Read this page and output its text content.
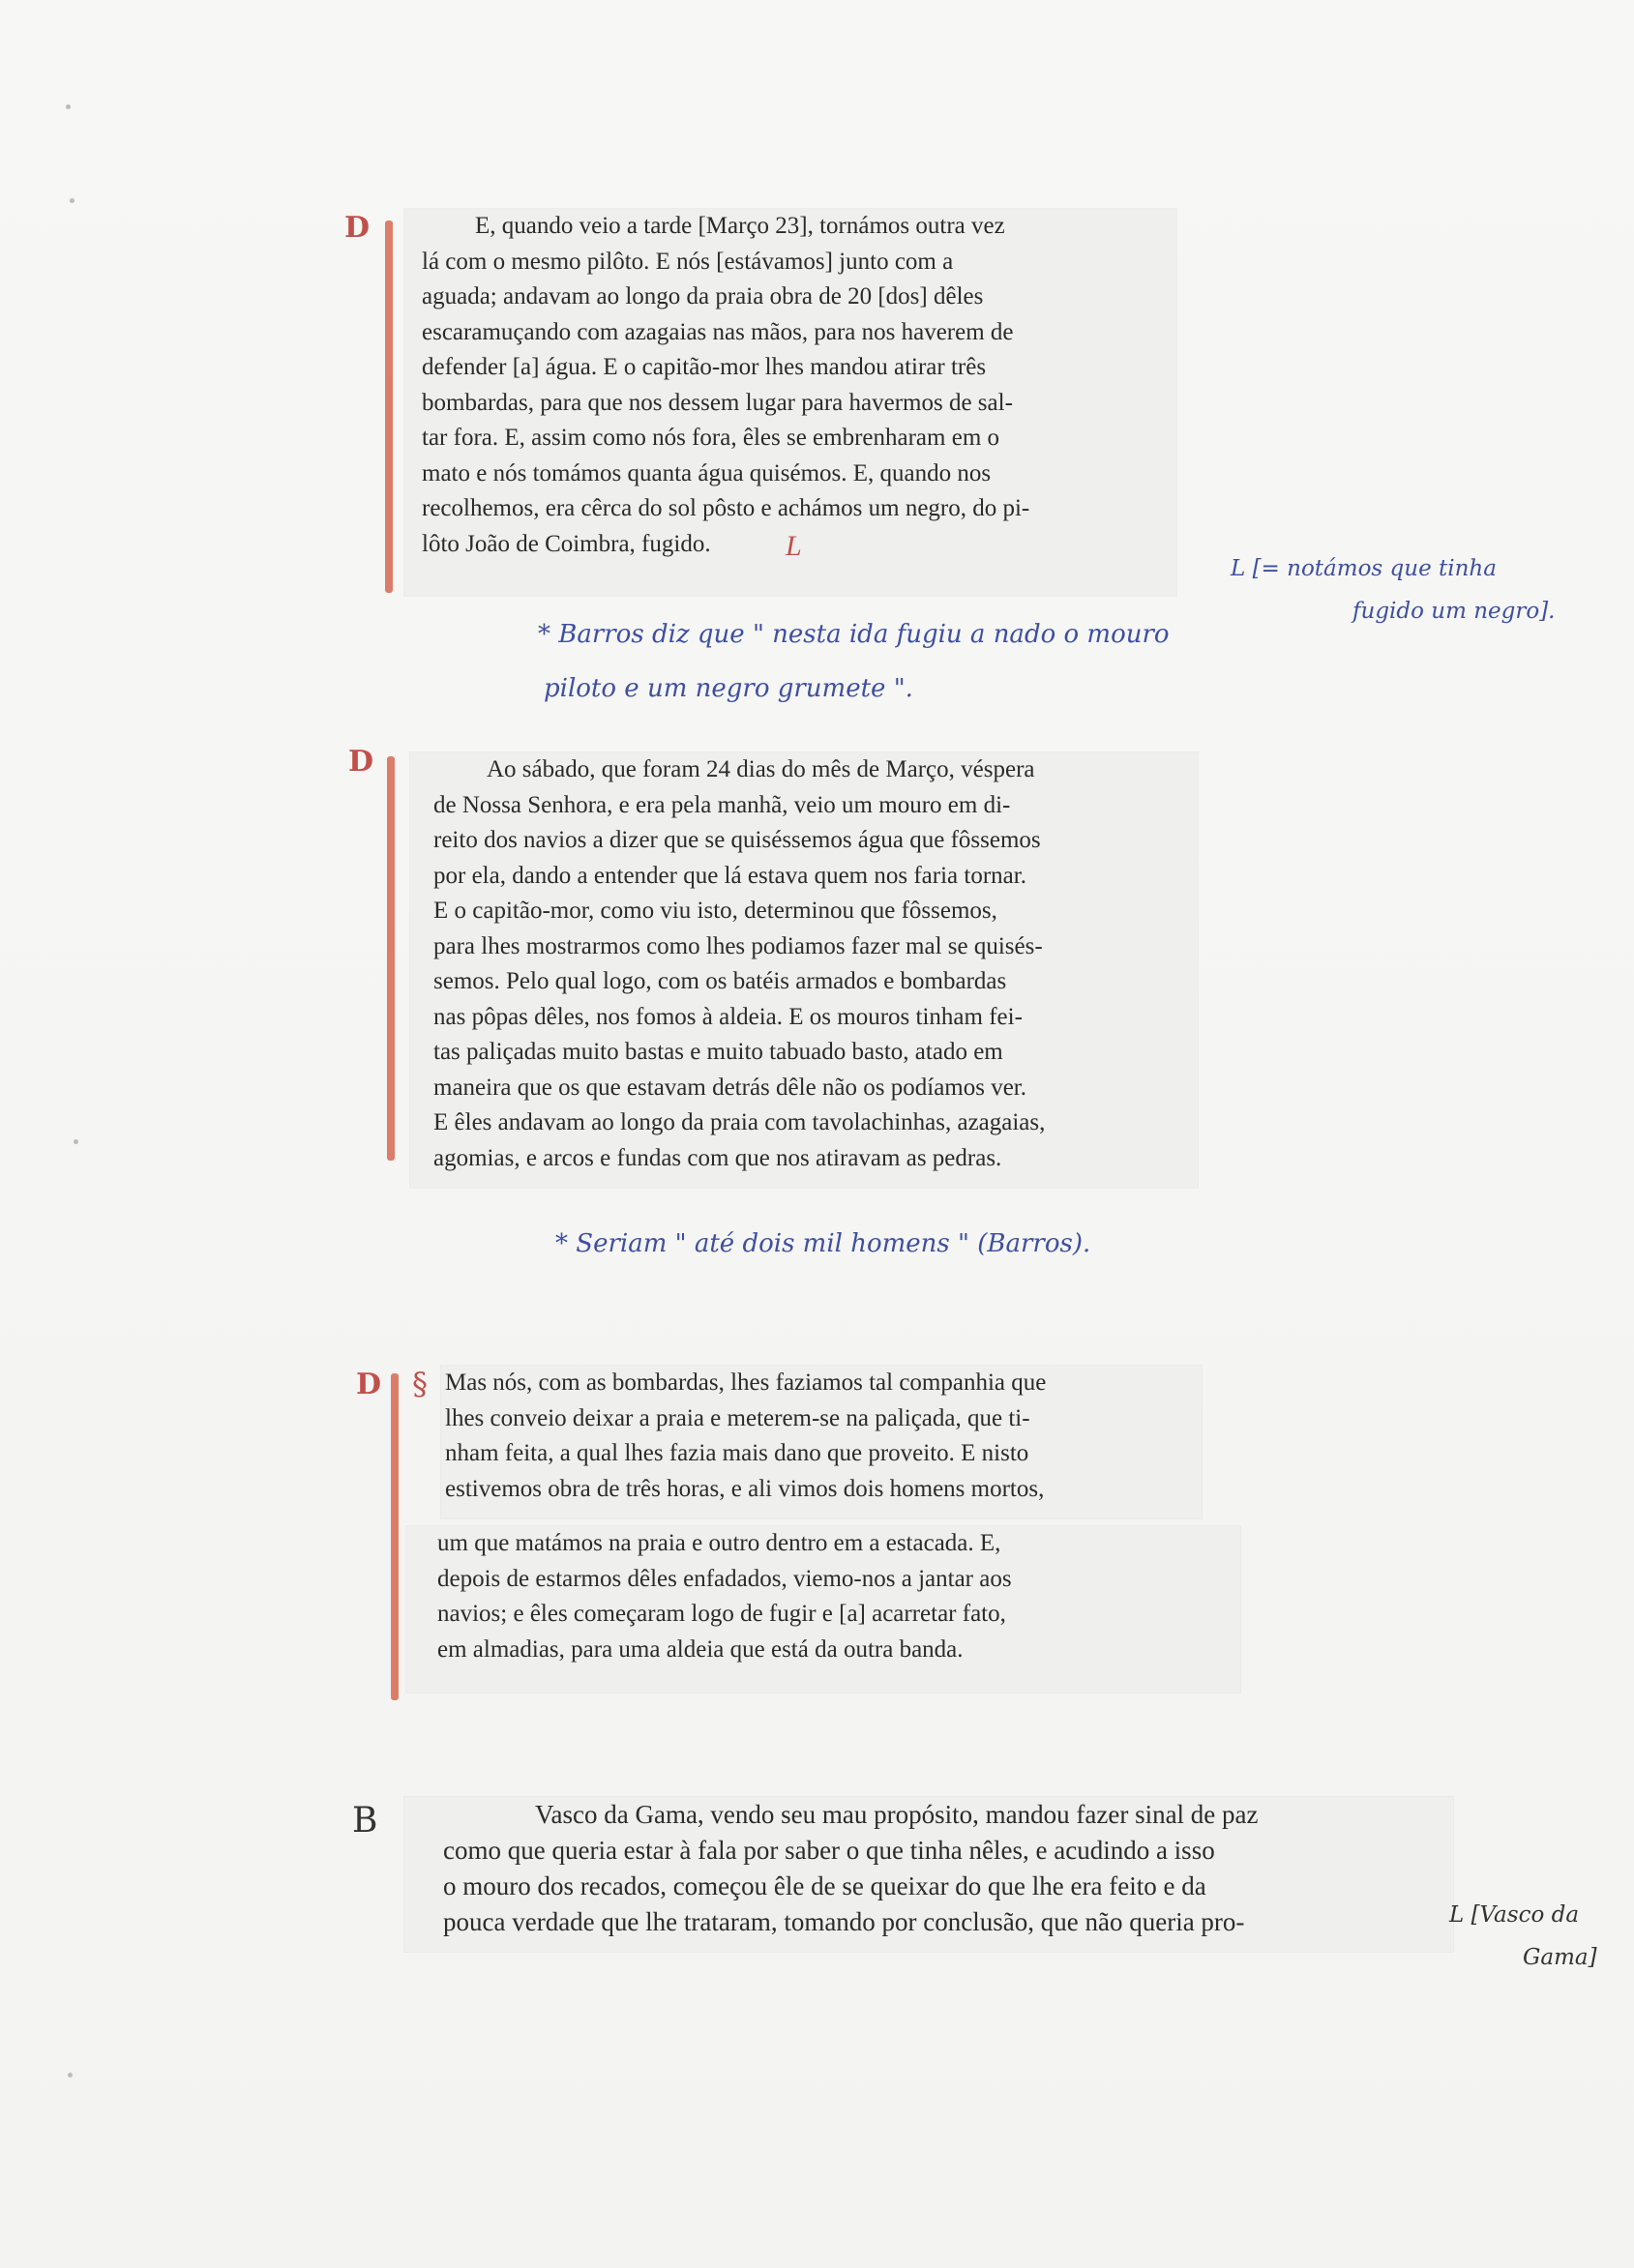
D	E, quando veio a tarde [Março 23], tornámos outra vez

lá com o mesmo pilôto. E nós [estávamos] junto com a

aguada; andavam ao longo da praia obra de 20 [dos] dêles

escaramuçando com azagaias nas mãos, para nos haverem de

defender [a] água. E o capitão-mor lhes mandou atirar três

bombardas, para que nos dessem lugar para havermos de sal-

tar fora. E, assim como nós fora, êles se embrenharam em o

mato e nós tomámos quanta água quisémos. E, quando nos

recolhemos, era cêrca do sol pôsto e achámos um negro, do pi-

lôto João de Coimbra, fugido.	L
L [= notámos que tinha
fugido um negro].
* Barros diz que " nesta ida fugiu a nado o mouro
piloto e um negro grumete ".
D	Ao sábado, que foram 24 dias do mês de Março, véspera

de Nossa Senhora, e era pela manhã, veio um mouro em di-

reito dos navios a dizer que se quiséssemos água que fôssemos

por ela, dando a entender que lá estava quem nos faria tornar.

E o capitão-mor, como viu isto, determinou que fôssemos,

para lhes mostrarmos como lhes podiamos fazer mal se quisés-

semos. Pelo qual logo, com os batéis armados e bombardas

nas pôpas dêles, nos fomos à aldeia. E os mouros tinham fei-

tas paliçadas muito bastas e muito tabuado basto, atado em

maneira que os que estavam detrás dêle não os podíamos ver.

E êles andavam ao longo da praia com tavolachinhas, azagaias,

agomias, e arcos e fundas com que nos atiravam as pedras.

* Seriam " até dois mil homens " (Barros).
D § Mas nós, com as bombardas, lhes faziamos tal companhia que

lhes conveio deixar a praia e meterem-se na paliçada, que ti-

nham feita, a qual lhes fazia mais dano que proveito. E nisto

estivemos obra de três horas, e ali vimos dois homens mortos,

um que matámos na praia e outro dentro em a estacada. E,

depois de estarmos dêles enfadados, viemo-nos a jantar aos

navios; e êles começaram logo de fugir e [a] acarretar fato,

em almadias, para uma aldeia que está da outra banda.

B	Vasco da Gama, vendo seu mau propósito, mandou fazer sinal de paz

como que queria estar à fala por saber o que tinha nêles, e acudindo a isso

o mouro dos recados, começou êle de se queixar do que lhe era feito e da

pouca verdade que lhe trataram, tomando por conclusão, que não queria pro-	L [Vasco da
Gama]
